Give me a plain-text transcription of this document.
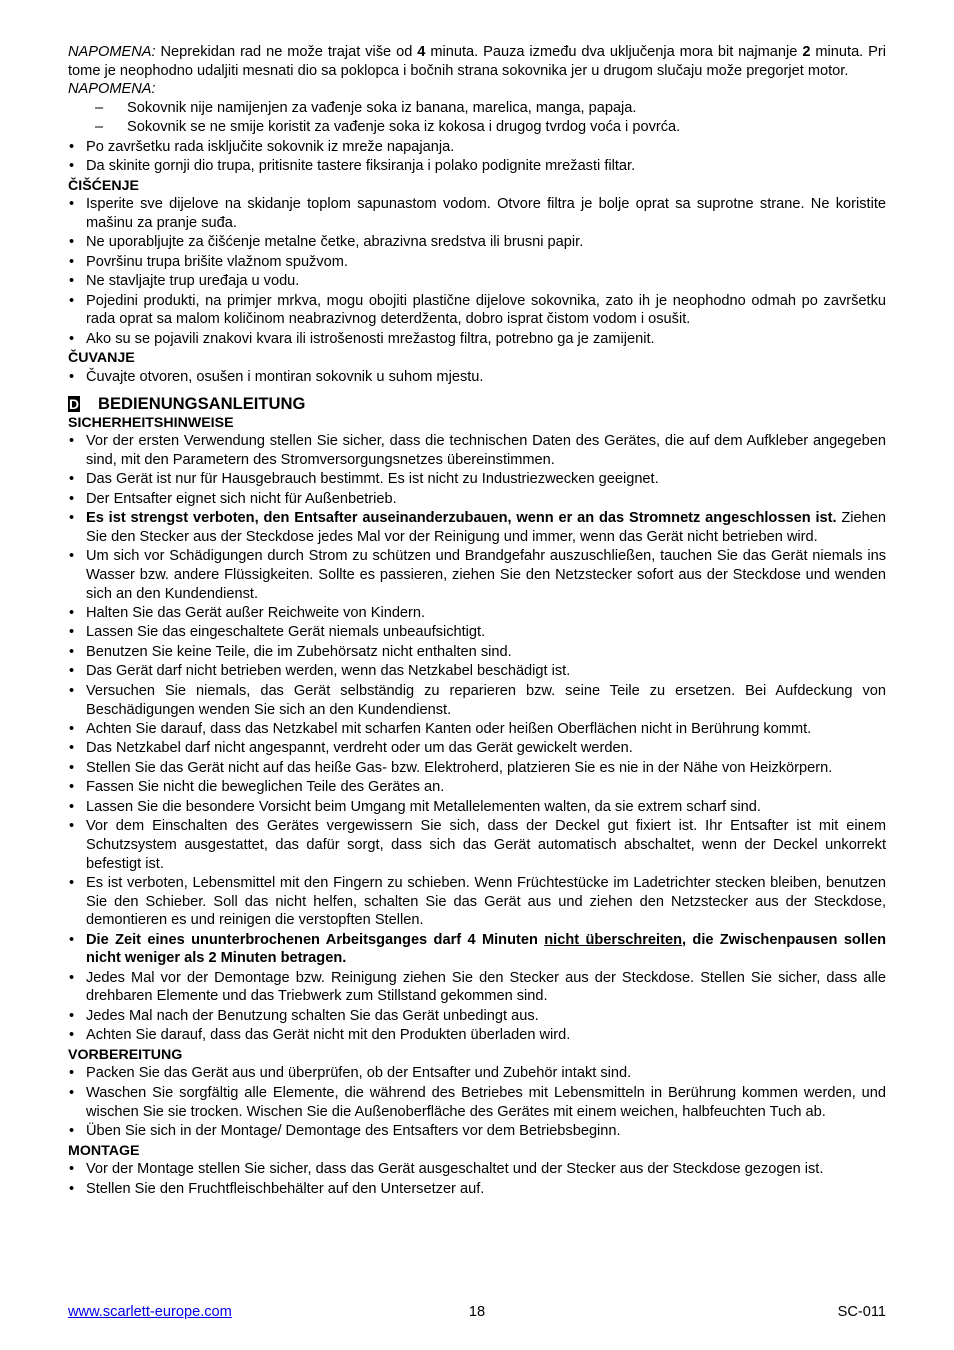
NAPOMENA: Neprekidan rad ne može trajat više od 4 minuta. Pauza između dva uključenja mora bit najmanje 2 minuta. Pri tome je neophodno udaljiti mesnati dio sa poklopca i bočnih strana sokovnika jer u drugom slučaju može pregorjet motor.

NAPOMENA:

– Sokovnik nije namijenjen za vađenje soka iz banana, marelica, manga, papaja.
– Sokovnik se ne smije koristit za vađenje soka iz kokosa i drugog tvrdog voća i povrća.
• Po završetku rada isključite sokovnik iz mreže napajanja.
• Da skinite gornji dio trupa, pritisnite tastere fiksiranja i polako podignite mrežasti filtar.
ČIŠĆENJE
• Isperite sve dijelove na skidanje toplom sapunastom vodom. Otvore filtra je bolje oprat sa suprotne strane. Ne koristite mašinu za pranje suđa.
• Ne uporabljujte za čišćenje metalne četke, abrazivna sredstva ili brusni papir.
• Površinu trupa brišite vlažnom spužvom.
• Ne stavljajte trup uređaja u vodu.
• Pojedini produkti, na primjer mrkva, mogu obojiti plastične dijelove sokovnika, zato ih je neophodno odmah po završetku rada oprat sa malom količinom neabrazivnog deterdženta, dobro isprat čistom vodom i osušit.
• Ako su se pojavili znakovi kvara ili istrošenosti mrežastog filtra, potrebno ga je zamijenit.
ČUVANJE
• Čuvajte otvoren, osušen i montiran sokovnik u suhom mjestu.
D BEDIENUNGSANLEITUNG
SICHERHEITSHINWEISE
• Vor der ersten Verwendung stellen Sie sicher, dass die technischen Daten des Gerätes, die auf dem Aufkleber angegeben sind, mit den Parametern des Stromversorgungsnetzes übereinstimmen.
• Das Gerät ist nur für Hausgebrauch bestimmt. Es ist nicht zu Industriezwecken geeignet.
• Der Entsafter eignet sich nicht für Außenbetrieb.
• Es ist strengst verboten, den Entsafter auseinanderzubauen, wenn er an das Stromnetz angeschlossen ist. Ziehen Sie den Stecker aus der Steckdose jedes Mal vor der Reinigung und immer, wenn das Gerät nicht betrieben wird.
• Um sich vor Schädigungen durch Strom zu schützen und Brandgefahr auszuschließen, tauchen Sie das Gerät niemals ins Wasser bzw. andere Flüssigkeiten. Sollte es passieren, ziehen Sie den Netzstecker sofort aus der Steckdose und wenden sich an den Kundendienst.
• Halten Sie das Gerät außer Reichweite von Kindern.
• Lassen Sie das eingeschaltete Gerät niemals unbeaufsichtigt.
• Benutzen Sie keine Teile, die im Zubehörsatz nicht enthalten sind.
• Das Gerät darf nicht betrieben werden, wenn das Netzkabel beschädigt ist.
• Versuchen Sie niemals, das Gerät selbständig zu reparieren bzw. seine Teile zu ersetzen. Bei Aufdeckung von Beschädigungen wenden Sie sich an den Kundendienst.
• Achten Sie darauf, dass das Netzkabel mit scharfen Kanten oder heißen Oberflächen nicht in Berührung kommt.
• Das Netzkabel darf nicht angespannt, verdreht oder um das Gerät gewickelt werden.
• Stellen Sie das Gerät nicht auf das heiße Gas- bzw. Elektroherd, platzieren Sie es nie in der Nähe von Heizkörpern.
• Fassen Sie nicht die beweglichen Teile des Gerätes an.
• Lassen Sie die besondere Vorsicht beim Umgang mit Metallelementen walten, da sie extrem scharf sind.
• Vor dem Einschalten des Gerätes vergewissern Sie sich, dass der Deckel gut fixiert ist. Ihr Entsafter ist mit einem Schutzsystem ausgestattet, das dafür sorgt, dass sich das Gerät automatisch abschaltet, wenn der Deckel unkorrekt befestigt ist.
• Es ist verboten, Lebensmittel mit den Fingern zu schieben. Wenn Früchtestücke im Ladetrichter stecken bleiben, benutzen Sie den Schieber. Soll das nicht helfen, schalten Sie das Gerät aus und ziehen den Netzstecker aus der Steckdose, demontieren es und reinigen die verstopften Stellen.
• Die Zeit eines ununterbrochenen Arbeitsganges darf 4 Minuten nicht überschreiten, die Zwischenpausen sollen nicht weniger als 2 Minuten betragen.
• Jedes Mal vor der Demontage bzw. Reinigung ziehen Sie den Stecker aus der Steckdose. Stellen Sie sicher, dass alle drehbaren Elemente und das Triebwerk zum Stillstand gekommen sind.
• Jedes Mal nach der Benutzung schalten Sie das Gerät unbedingt aus.
• Achten Sie darauf, dass das Gerät nicht mit den Produkten überladen wird.
VORBEREITUNG
• Packen Sie das Gerät aus und überprüfen, ob der Entsafter und Zubehör intakt sind.
• Waschen Sie sorgfältig alle Elemente, die während des Betriebes mit Lebensmitteln in Berührung kommen werden, und wischen Sie sie trocken. Wischen Sie die Außenoberfläche des Gerätes mit einem weichen, halbfeuchten Tuch ab.
• Üben Sie sich in der Montage/ Demontage des Entsafters vor dem Betriebsbeginn.
MONTAGE
• Vor der Montage stellen Sie sicher, dass das Gerät ausgeschaltet und der Stecker aus der Steckdose gezogen ist.
• Stellen Sie den Fruchtfleischbehälter auf den Untersetzer auf.
www.scarlett-europe.com	18	SC-011
